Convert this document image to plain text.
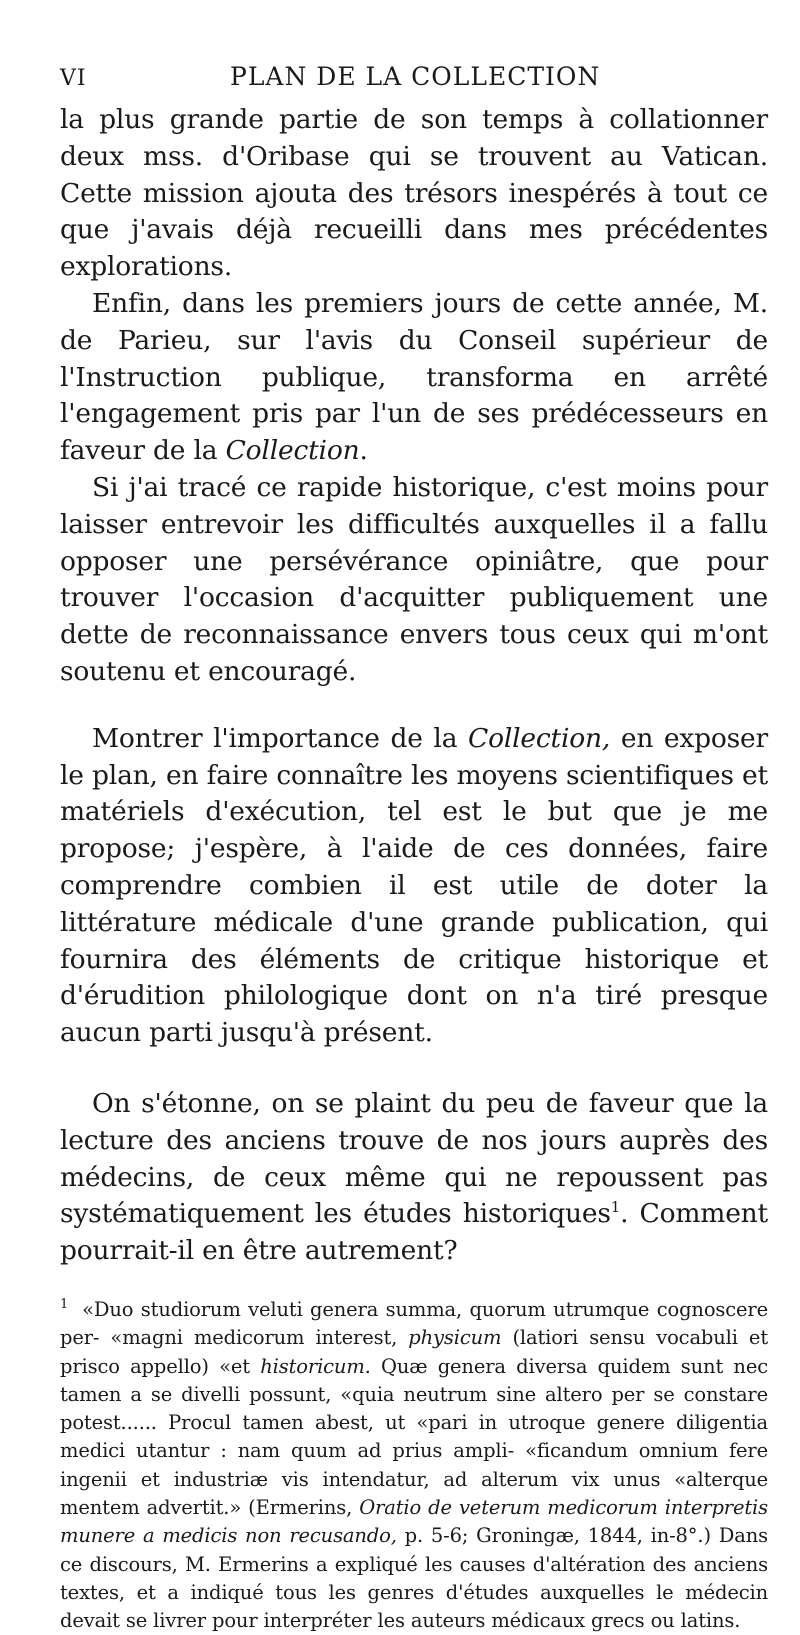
VI	PLAN DE LA COLLECTION

la plus grande partie de son temps à collationner deux mss. d'Oribase qui se trouvent au Vatican. Cette mission ajouta des trésors inespérés à tout ce que j'avais déjà recueilli dans mes précédentes explorations.

Enfin, dans les premiers jours de cette année, M. de Parieu, sur l'avis du Conseil supérieur de l'Instruction publique, transforma en arrêté l'engagement pris par l'un de ses prédécesseurs en faveur de la Collection.

Si j'ai tracé ce rapide historique, c'est moins pour laisser entrevoir les difficultés auxquelles il a fallu opposer une persévérance opiniâtre, que pour trouver l'occasion d'acquitter publiquement une dette de reconnaissance envers tous ceux qui m'ont soutenu et encouragé.

Montrer l'importance de la Collection, en exposer le plan, en faire connaître les moyens scientifiques et matériels d'exécution, tel est le but que je me propose; j'espère, à l'aide de ces données, faire comprendre combien il est utile de doter la littérature médicale d'une grande publication, qui fournira des éléments de critique historique et d'érudition philologique dont on n'a tiré presque aucun parti jusqu'à présent.

On s'étonne, on se plaint du peu de faveur que la lecture des anciens trouve de nos jours auprès des médecins, de ceux même qui ne repoussent pas systématiquement les études historiques$^1$. Comment pourrait-il en être autrement?

$^1$ «Duo studiorum veluti genera summa, quorum utrumque cognoscere per- «magni medicorum interest, physicum (latiori sensu vocabuli et prisco appello) «et historicum. Quæ genera diversa quidem sunt nec tamen a se divelli possunt, «quia neutrum sine altero per se constare potest...... Procul tamen abest, ut «pari in utroque genere diligentia medici utantur : nam quum ad prius ampli- «ficandum omnium fere ingenii et industriæ vis intendatur, ad alterum vix unus «alterque mentem advertit.» (Ermerins, Oratio de veterum medicorum interpretis munere a medicis non recusando, p. 5-6; Groningæ, 1844, in-8°.) Dans ce discours, M. Ermerins a expliqué les causes d'altération des anciens textes, et a indiqué tous les genres d'études auxquelles le médecin devait se livrer pour interpréter les auteurs médicaux grecs ou latins.
